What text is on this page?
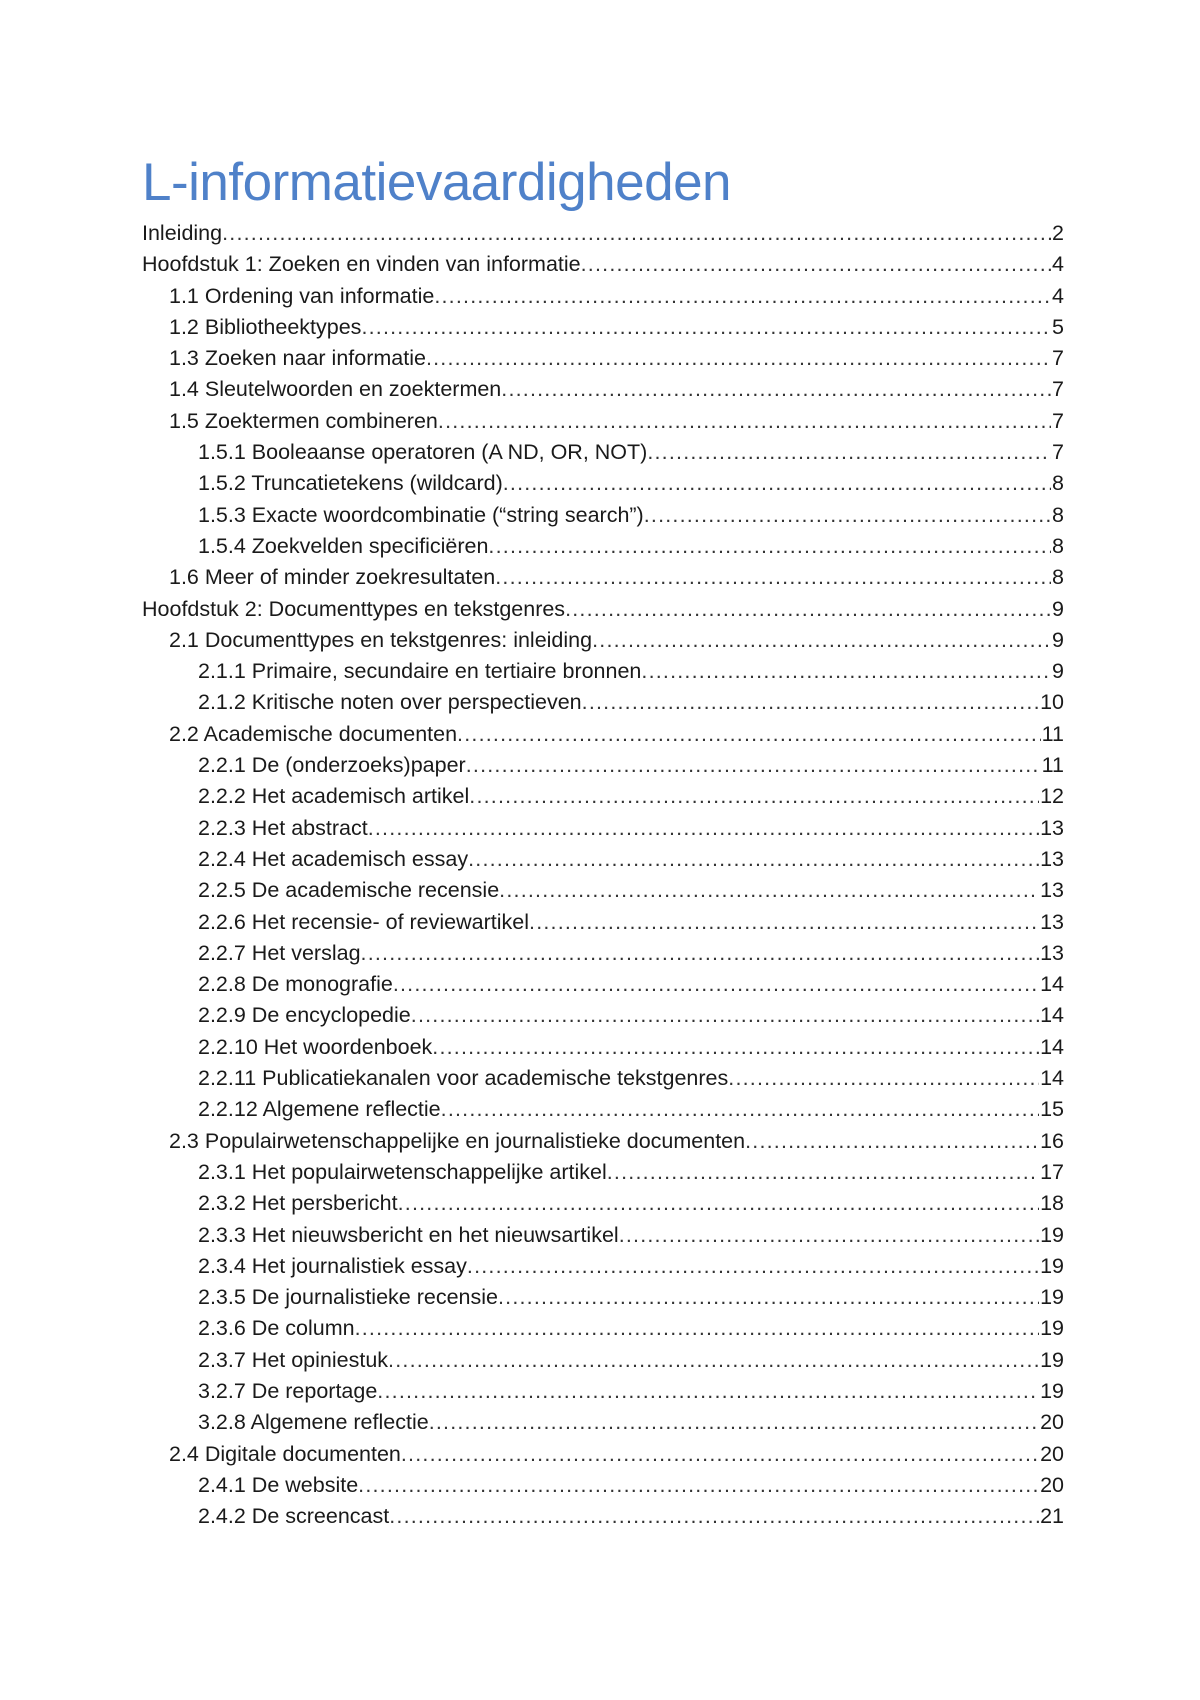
L-informatievaardigheden
Inleiding .....	2
Hoofdstuk 1: Zoeken en vinden van informatie .....	4
1.1 Ordening van informatie .....	4
1.2 Bibliotheektypes .....	5
1.3 Zoeken naar informatie .....	7
1.4 Sleutelwoorden en zoektermen .....	7
1.5 Zoektermen combineren .....	7
1.5.1 Booleaanse operatoren (A ND, OR, NOT) .....	7
1.5.2 Truncatietekens (wildcard) .....	8
1.5.3 Exacte woordcombinatie (“string search”) .....	8
1.5.4 Zoekvelden specificiëren .....	8
1.6 Meer of minder zoekresultaten .....	8
Hoofdstuk 2: Documenttypes en tekstgenres .....	9
2.1 Documenttypes en tekstgenres: inleiding .....	9
2.1.1 Primaire, secundaire en tertiaire bronnen .....	9
2.1.2 Kritische noten over perspectieven .....	10
2.2 Academische documenten .....	11
2.2.1 De (onderzoeks)paper .....	11
2.2.2 Het academisch artikel .....	12
2.2.3 Het abstract .....	13
2.2.4 Het academisch essay .....	13
2.2.5 De academische recensie .....	13
2.2.6 Het recensie- of reviewartikel .....	13
2.2.7 Het verslag .....	13
2.2.8 De monografie .....	14
2.2.9 De encyclopedie .....	14
2.2.10 Het woordenboek .....	14
2.2.11 Publicatiekanalen voor academische tekstgenres .....	14
2.2.12 Algemene reflectie .....	15
2.3 Populairwetenschappelijke en journalistieke documenten .....	16
2.3.1 Het populairwetenschappelijke artikel .....	17
2.3.2 Het persbericht .....	18
2.3.3 Het nieuwsbericht en het nieuwsartikel .....	19
2.3.4 Het journalistiek essay .....	19
2.3.5 De journalistieke recensie .....	19
2.3.6 De column .....	19
2.3.7 Het opiniestuk .....	19
3.2.7 De reportage .....	19
3.2.8 Algemene reflectie .....	20
2.4 Digitale documenten .....	20
2.4.1 De website .....	20
2.4.2 De screencast .....	21
